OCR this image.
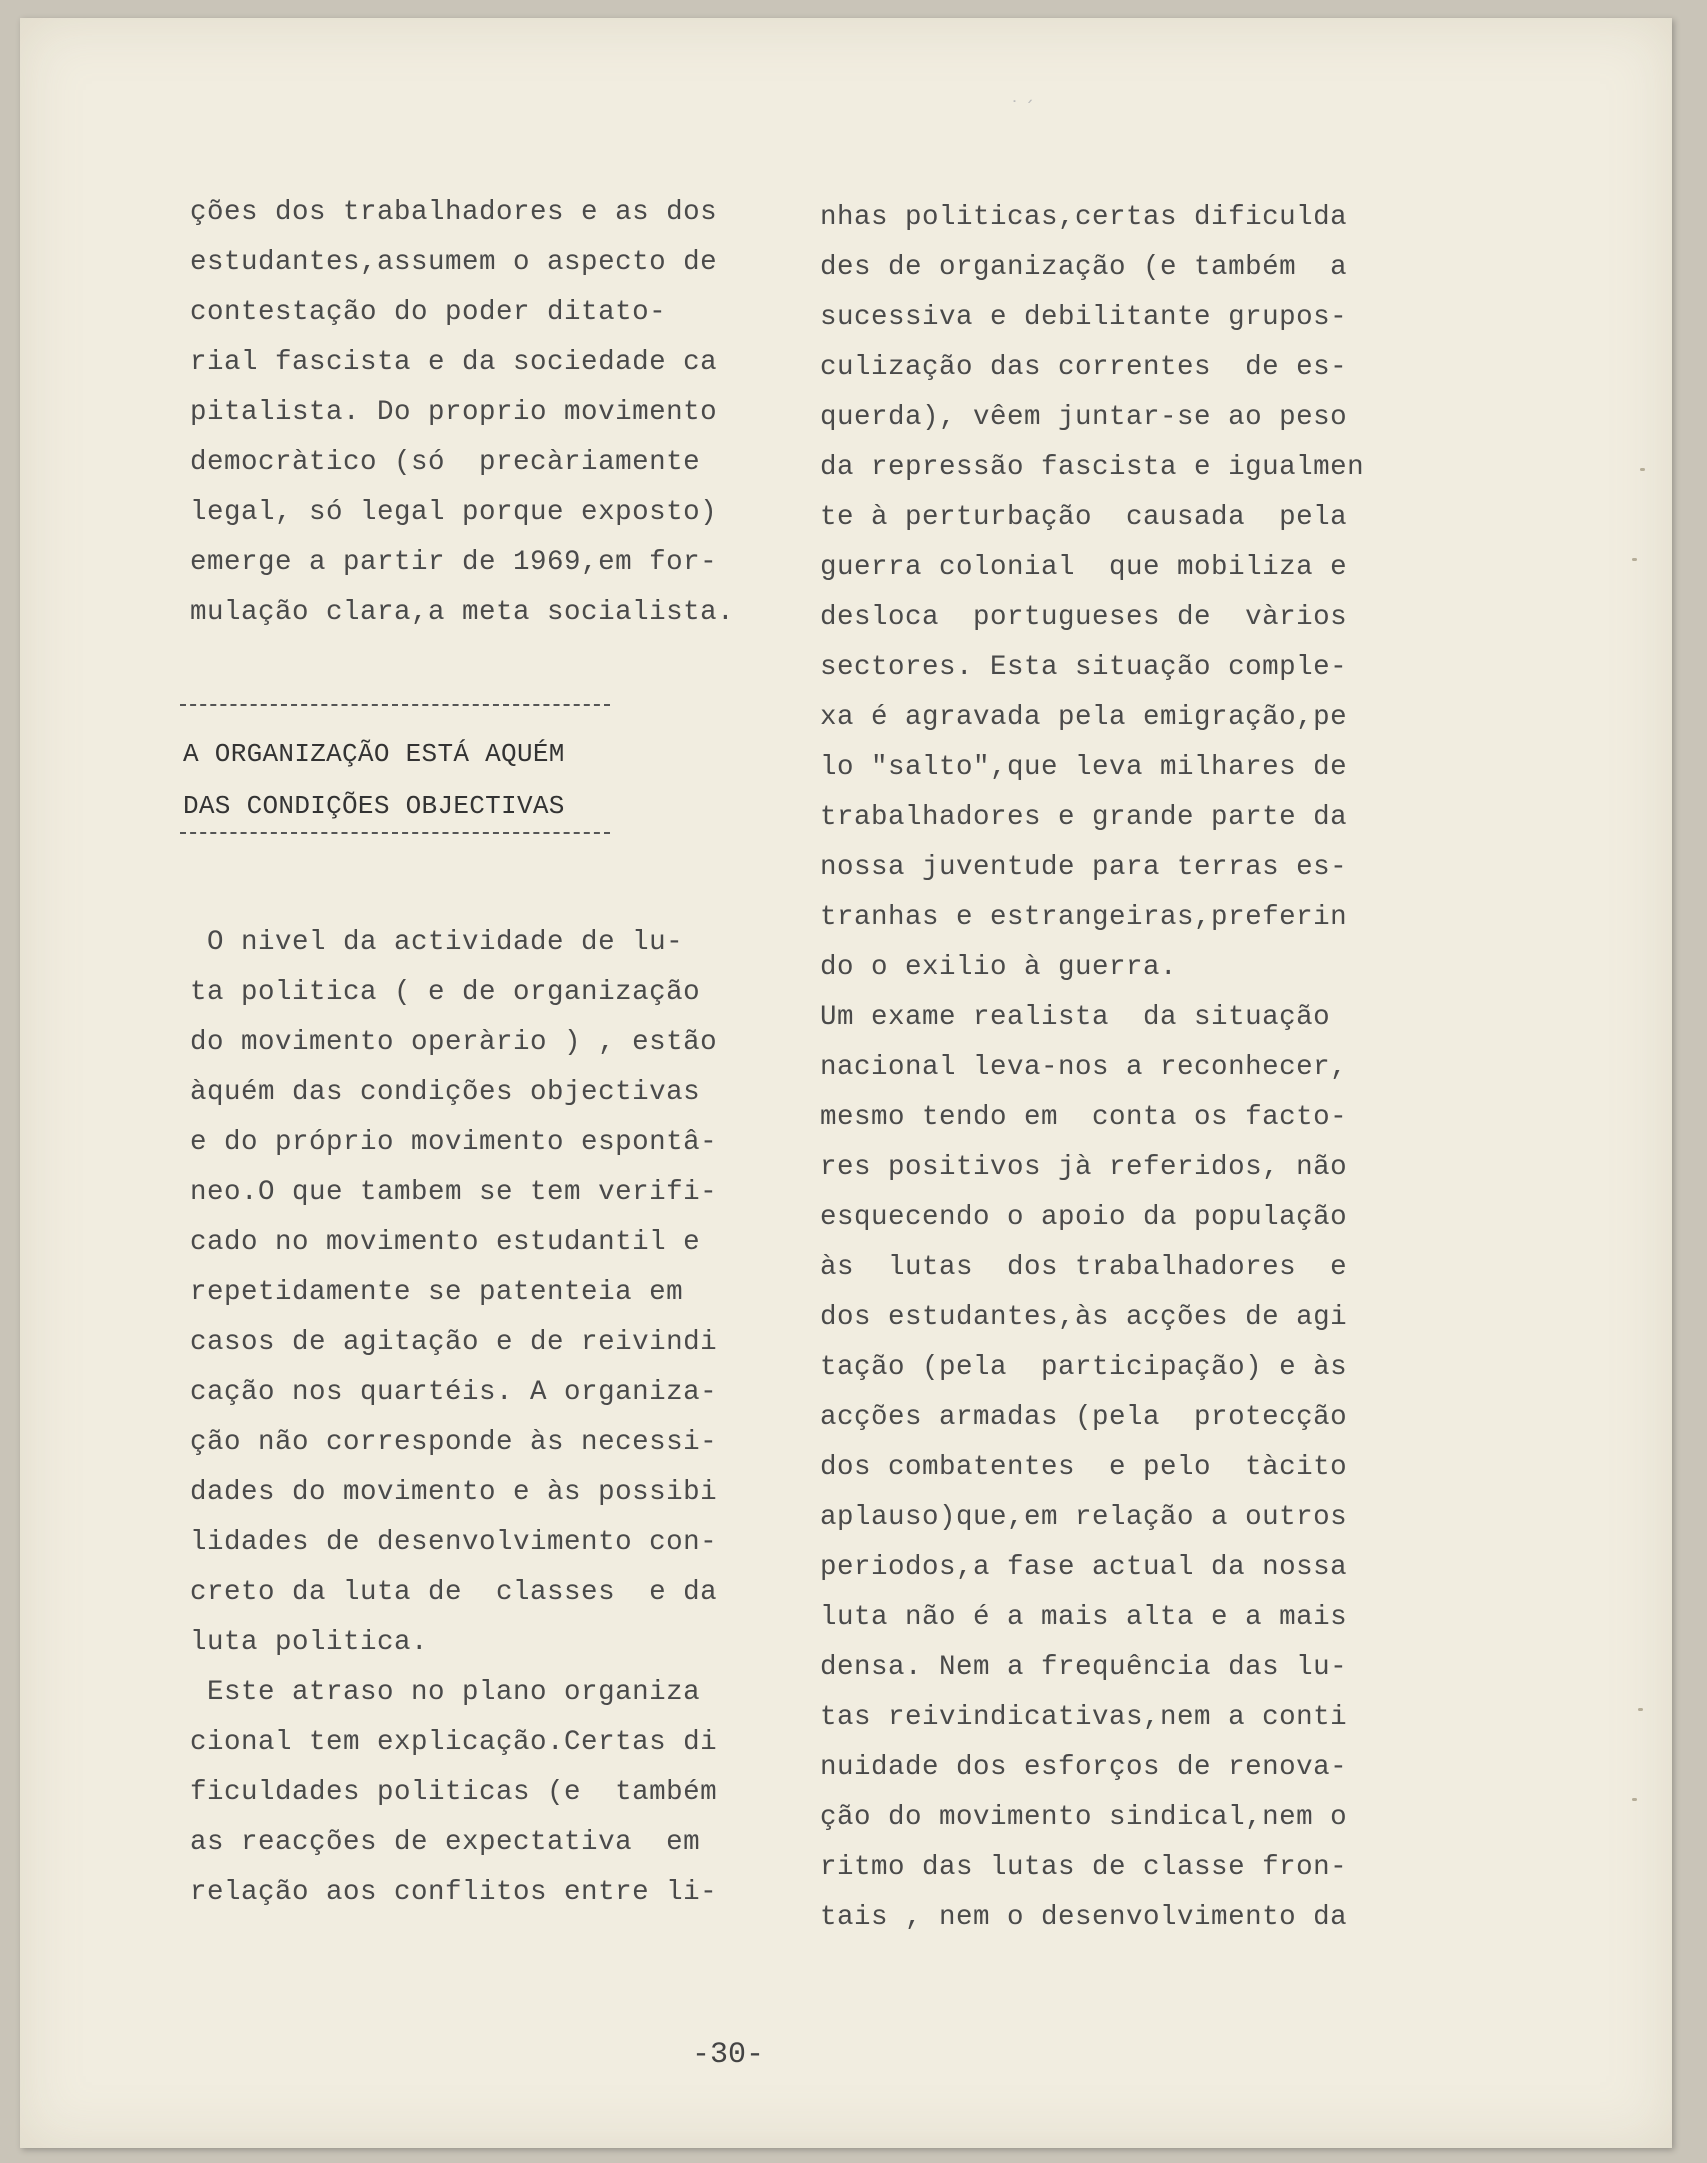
˙ ´
ções dos trabalhadores e as dos
estudantes,assumem o aspecto de
contestação do poder ditato-
rial fascista e da sociedade ca
pitalista. Do proprio movimento
democràtico (só  precàriamente
legal, só legal porque exposto)
emerge a partir de 1969,em for-
mulação clara,a meta socialista.
A ORGANIZAÇÃO ESTÁ AQUÉM
DAS CONDIÇÕES OBJECTIVAS
O nivel da actividade de lu-
ta politica ( e de organização
do movimento operàrio ) , estão
àquém das condições objectivas
e do próprio movimento espontâ-
neo.O que tambem se tem verifi-
cado no movimento estudantil e
repetidamente se patenteia em
casos de agitação e de reivindi
cação nos quartéis. A organiza-
ção não corresponde às necessi-
dades do movimento e às possibi
lidades de desenvolvimento con-
creto da luta de  classes  e da
luta politica.
Este atraso no plano organiza
cional tem explicação.Certas di
ficuldades politicas (e  também
as reacções de expectativa  em
relação aos conflitos entre li-
nhas politicas,certas dificulda
des de organização (e também  a
sucessiva e debilitante grupos-
culização das correntes  de es-
querda), vêem juntar-se ao peso
da repressão fascista e igualmen
te à perturbação  causada  pela
guerra colonial  que mobiliza e
desloca  portugueses de  vàrios
sectores. Esta situação comple-
xa é agravada pela emigração,pe
lo "salto",que leva milhares de
trabalhadores e grande parte da
nossa juventude para terras es-
tranhas e estrangeiras,preferin
do o exilio à guerra.
Um exame realista  da situação
nacional leva-nos a reconhecer,
mesmo tendo em  conta os facto-
res positivos jà referidos, não
esquecendo o apoio da população
às  lutas  dos trabalhadores  e
dos estudantes,às acções de agi
tação (pela  participação) e às
acções armadas (pela  protecção
dos combatentes  e pelo  tàcito
aplauso)que,em relação a outros
periodos,a fase actual da nossa
luta não é a mais alta e a mais
densa. Nem a frequência das lu-
tas reivindicativas,nem a conti
nuidade dos esforços de renova-
ção do movimento sindical,nem o
ritmo das lutas de classe fron-
tais , nem o desenvolvimento da
-30-
